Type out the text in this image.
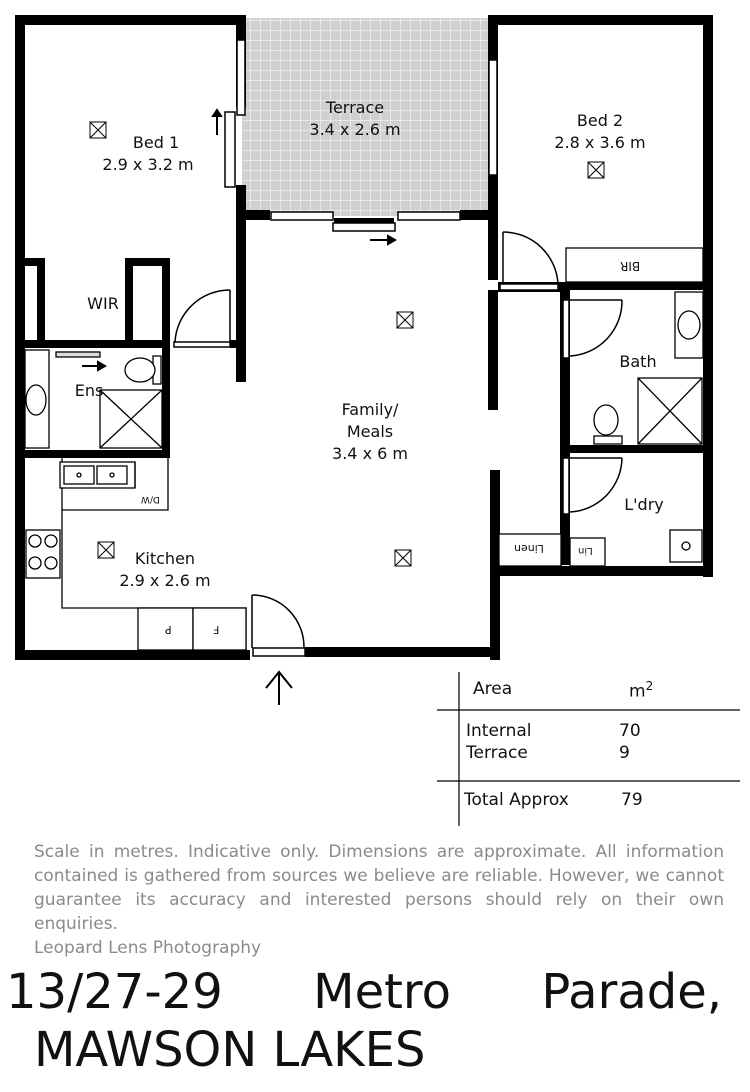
Terrace
3.4 x 2.6 m
Bed 1
2.9 x 3.2 m
Bed 2
2.8 x 3.6 m
WIR
Ens
Bath
Family/
Meals
3.4 x 6 m
Kitchen
2.9 x 2.6 m
L'dry
BIR
Linen	Lin
D/W
P	F
Area	$m^2$
Internal	70
Terrace	9
Total Approx	79

Scale in metres. Indicative only. Dimensions are approximate. All information contained is gathered from sources we believe are reliable. However, we cannot guarantee its accuracy and interested persons should rely on their own enquiries.

Leopard Lens Photography

13/27-29 Metro Parade,
MAWSON LAKES
